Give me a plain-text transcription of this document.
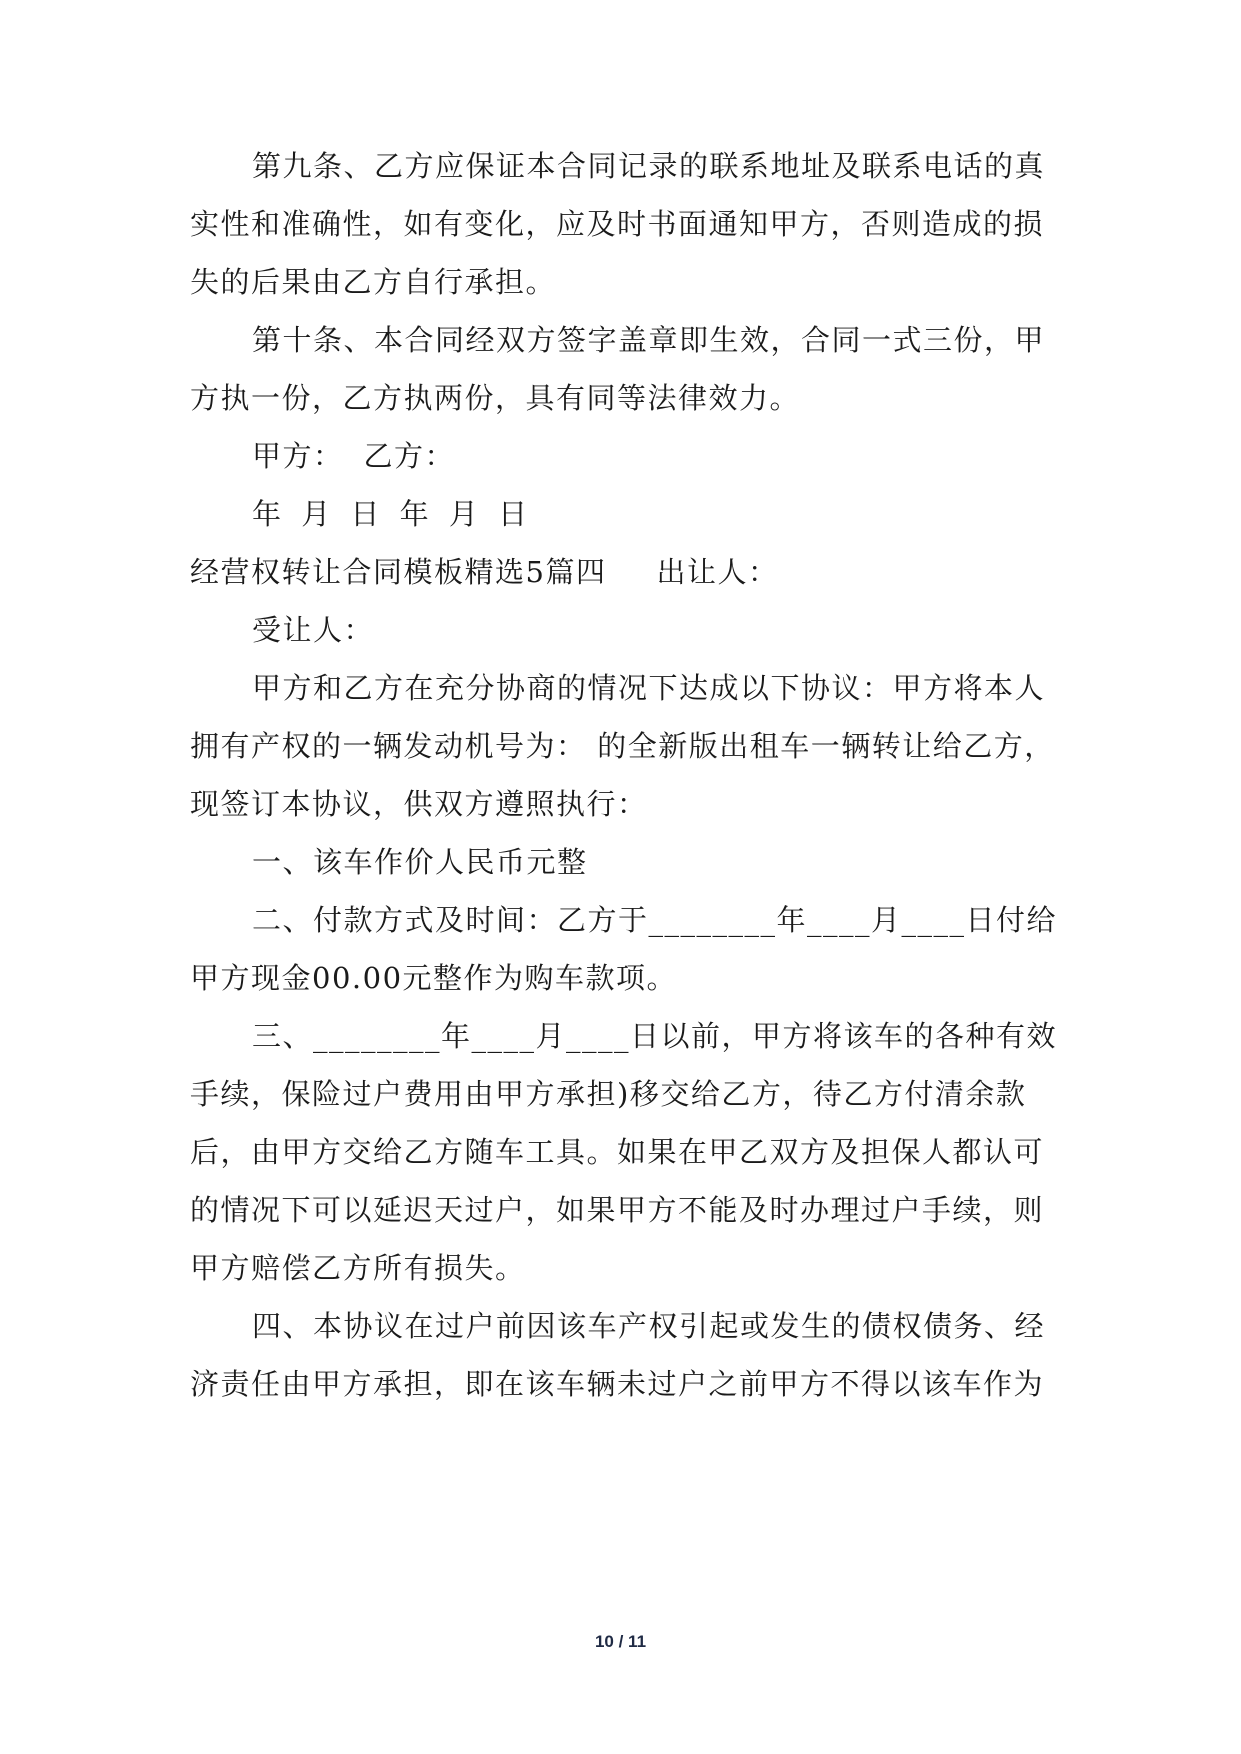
第九条、乙方应保证本合同记录的联系地址及联系电话的真
实性和准确性，如有变化，应及时书面通知甲方，否则造成的损
失的后果由乙方自行承担。
第十条、本合同经双方签字盖章即生效，合同一式三份，甲
方执一份，乙方执两份，具有同等法律效力。
甲方： 乙方：
年 月 日 年 月 日
经营权转让合同模板精选5篇四 出让人：
受让人：
甲方和乙方在充分协商的情况下达成以下协议：甲方将本人
拥有产权的一辆发动机号为： 的全新版出租车一辆转让给乙方，
现签订本协议，供双方遵照执行：
一、该车作价人民币元整
二、付款方式及时间：乙方于________年____月____日付给
甲方现金00.00元整作为购车款项。
三、________年____月____日以前，甲方将该车的各种有效
手续，保险过户费用由甲方承担)移交给乙方，待乙方付清余款
后，由甲方交给乙方随车工具。如果在甲乙双方及担保人都认可
的情况下可以延迟天过户，如果甲方不能及时办理过户手续，则
甲方赔偿乙方所有损失。
四、本协议在过户前因该车产权引起或发生的债权债务、经
济责任由甲方承担，即在该车辆未过户之前甲方不得以该车作为
10 / 11
